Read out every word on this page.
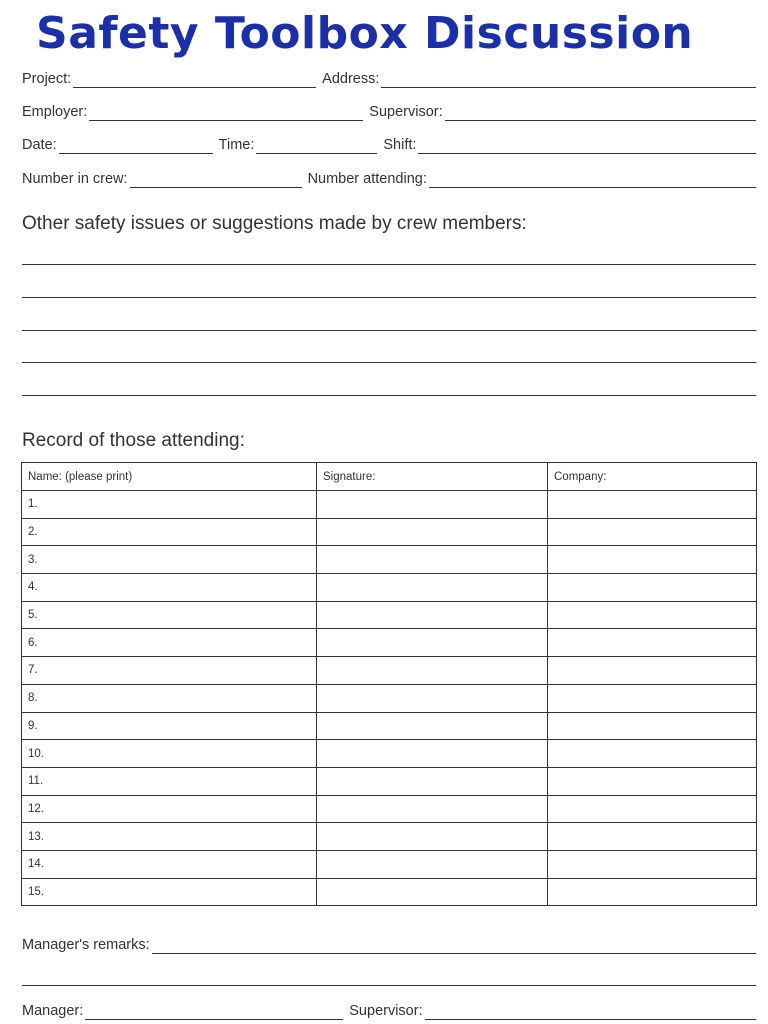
Safety Toolbox Discussion
Project:	Address:
Employer:	Supervisor:
Date:	Time:	Shift:
Number in crew:	Number attending:
Other safety issues or suggestions made by crew members:
Record of those attending:
Name: (please print)	Signature:	Company:
1.		
2.		
3.		
4.		
5.		
6.		
7.		
8.		
9.		
10.		
11.		
12.		
13.		
14.		
15.		
Manager's remarks:
Manager:	Supervisor:
